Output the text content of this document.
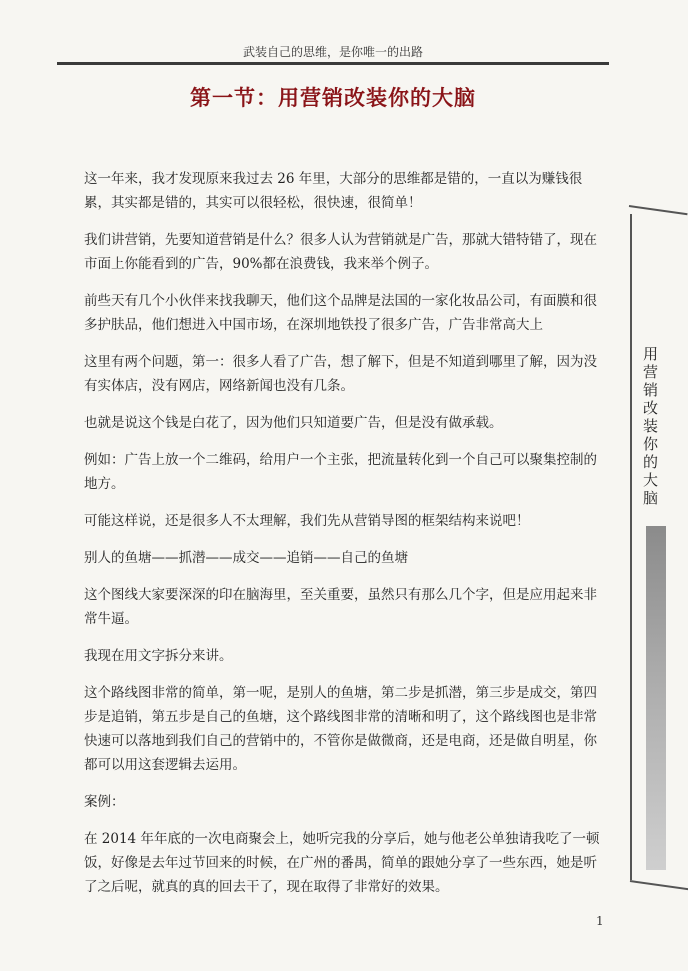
武装自己的思维，是你唯一的出路
第一节：用营销改装你的大脑

这一年来，我才发现原来我过去 26 年里，大部分的思维都是错的，一直以为赚钱很累，其实都是错的，其实可以很轻松，很快速，很简单！

我们讲营销，先要知道营销是什么？很多人认为营销就是广告，那就大错特错了，现在市面上你能看到的广告，90%都在浪费钱，我来举个例子。

前些天有几个小伙伴来找我聊天，他们这个品牌是法国的一家化妆品公司，有面膜和很多护肤品，他们想进入中国市场，在深圳地铁投了很多广告，广告非常高大上

这里有两个问题，第一：很多人看了广告，想了解下，但是不知道到哪里了解，因为没有实体店，没有网店，网络新闻也没有几条。

也就是说这个钱是白花了，因为他们只知道要广告，但是没有做承载。

例如：广告上放一个二维码，给用户一个主张，把流量转化到一个自己可以聚集控制的地方。

可能这样说，还是很多人不太理解，我们先从营销导图的框架结构来说吧！

别人的鱼塘——抓潜——成交——追销——自己的鱼塘

这个图线大家要深深的印在脑海里，至关重要，虽然只有那么几个字，但是应用起来非常牛逼。

我现在用文字拆分来讲。

这个路线图非常的简单，第一呢，是别人的鱼塘，第二步是抓潜，第三步是成交，第四步是追销，第五步是自己的鱼塘，这个路线图非常的清晰和明了，这个路线图也是非常快速可以落地到我们自己的营销中的，不管你是做微商，还是电商，还是做自明星，你都可以用这套逻辑去运用。

案例：

在 2014 年年底的一次电商聚会上，她听完我的分享后，她与他老公单独请我吃了一顿饭，好像是去年过节回来的时候，在广州的番禺，简单的跟她分享了一些东西，她是听了之后呢，就真的真的回去干了，现在取得了非常好的效果。

用营销改装你的大脑
1
